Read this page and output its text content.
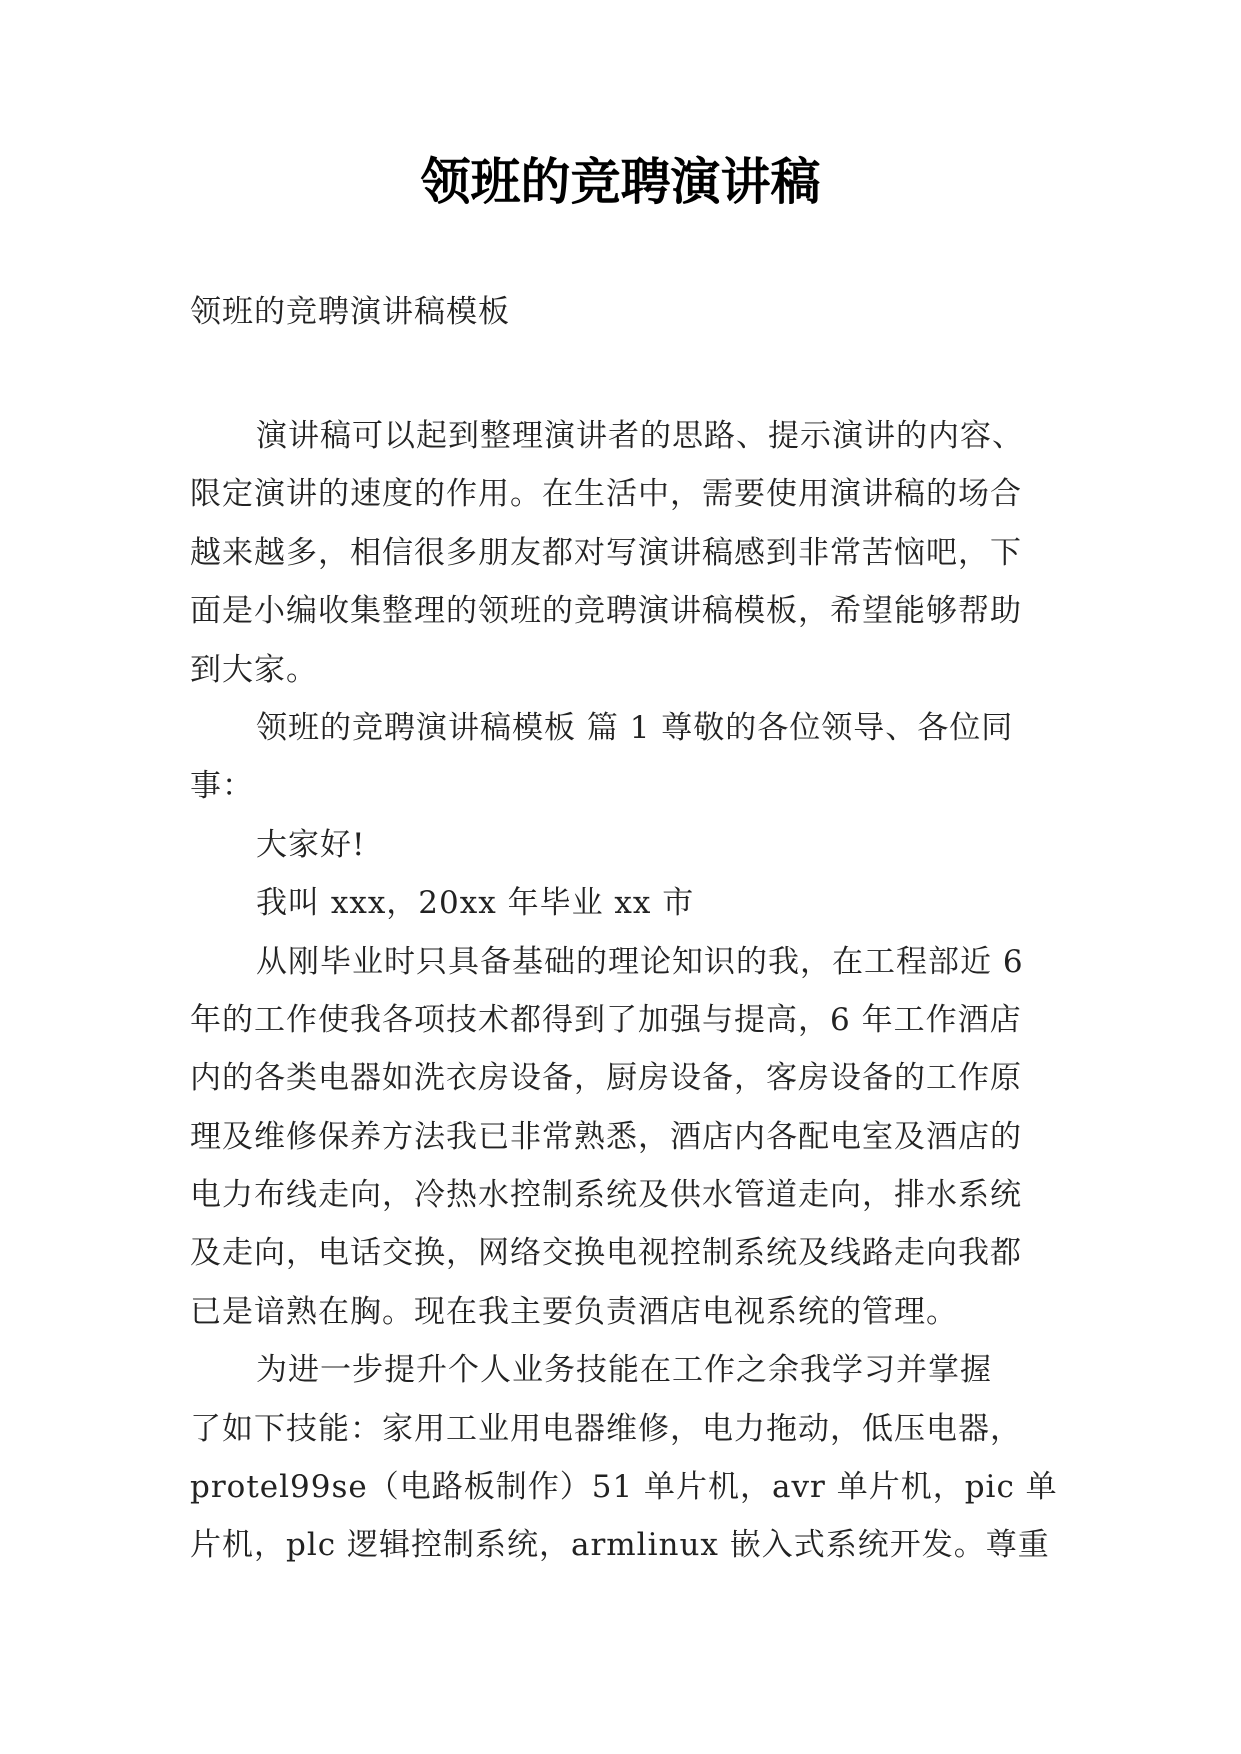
领班的竞聘演讲稿
领班的竞聘演讲稿模板
演讲稿可以起到整理演讲者的思路、提示演讲的内容、
限定演讲的速度的作用。在生活中，需要使用演讲稿的场合
越来越多，相信很多朋友都对写演讲稿感到非常苦恼吧，下
面是小编收集整理的领班的竞聘演讲稿模板，希望能够帮助
到大家。
领班的竞聘演讲稿模板 篇 1 尊敬的各位领导、各位同
事：
大家好!
我叫 xxx，20xx 年毕业 xx 市
从刚毕业时只具备基础的理论知识的我，在工程部近 6
年的工作使我各项技术都得到了加强与提高，6 年工作酒店
内的各类电器如洗衣房设备，厨房设备，客房设备的工作原
理及维修保养方法我已非常熟悉，酒店内各配电室及酒店的
电力布线走向，冷热水控制系统及供水管道走向，排水系统
及走向，电话交换，网络交换电视控制系统及线路走向我都
已是谙熟在胸。现在我主要负责酒店电视系统的管理。
为进一步提升个人业务技能在工作之余我学习并掌握
了如下技能：家用工业用电器维修，电力拖动，低压电器，
protel99se（电路板制作）51 单片机，avr 单片机，pic 单
片机，plc 逻辑控制系统，armlinux 嵌入式系统开发。尊重
